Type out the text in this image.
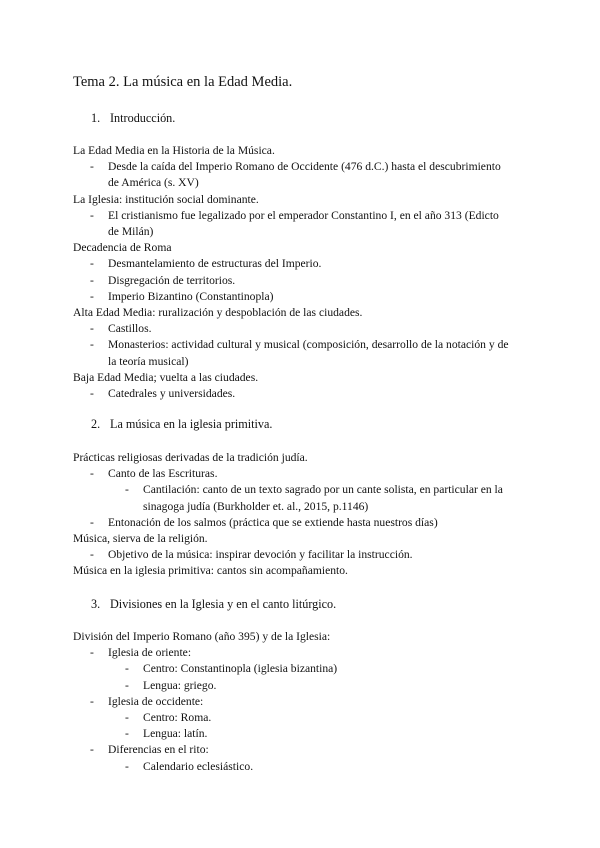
Tema 2. La música en la Edad Media.
1. Introducción.
La Edad Media en la Historia de la Música.
- Desde la caída del Imperio Romano de Occidente (476 d.C.) hasta el descubrimiento
de América (s. XV)
La Iglesia: institución social dominante.
- El cristianismo fue legalizado por el emperador Constantino I, en el año 313 (Edicto
de Milán)
Decadencia de Roma
- Desmantelamiento de estructuras del Imperio.
- Disgregación de territorios.
- Imperio Bizantino (Constantinopla)
Alta Edad Media: ruralización y despoblación de las ciudades.
- Castillos.
- Monasterios: actividad cultural y musical (composición, desarrollo de la notación y de
la teoría musical)
Baja Edad Media; vuelta a las ciudades.
- Catedrales y universidades.
2. La música en la iglesia primitiva.
Prácticas religiosas derivadas de la tradición judía.
- Canto de las Escrituras.
- Cantilación: canto de un texto sagrado por un cante solista, en particular en la
sinagoga judía (Burkholder et. al., 2015, p.1146)
- Entonación de los salmos (práctica que se extiende hasta nuestros días)
Música, sierva de la religión.
- Objetivo de la música: inspirar devoción y facilitar la instrucción.
Música en la iglesia primitiva: cantos sin acompañamiento.
3. Divisiones en la Iglesia y en el canto litúrgico.
División del Imperio Romano (año 395) y de la Iglesia:
- Iglesia de oriente:
- Centro: Constantinopla (iglesia bizantina)
- Lengua: griego.
- Iglesia de occidente:
- Centro: Roma.
- Lengua: latín.
- Diferencias en el rito:
- Calendario eclesiástico.
